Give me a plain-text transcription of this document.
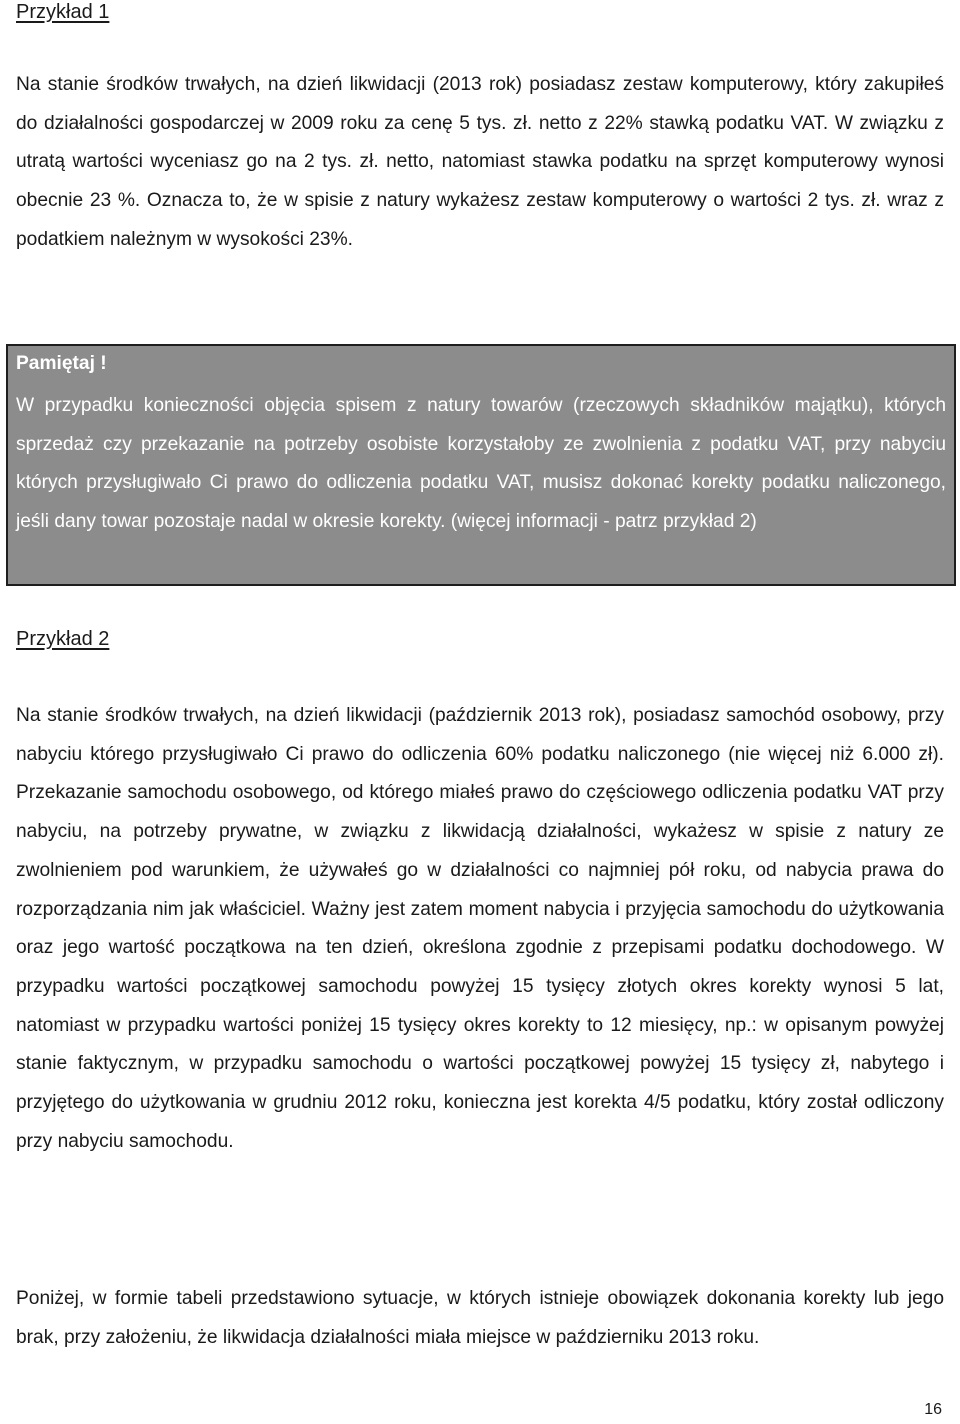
Przykład 1

Na stanie środków trwałych, na dzień likwidacji (2013 rok) posiadasz zestaw komputerowy, który zakupiłeś do działalności gospodarczej w 2009 roku za cenę 5 tys. zł. netto z 22% stawką podatku VAT. W związku z utratą wartości wyceniasz go na 2 tys. zł. netto, natomiast stawka podatku na sprzęt komputerowy wynosi obecnie 23 %. Oznacza to, że w spisie z natury wykażesz zestaw komputerowy o wartości 2 tys. zł. wraz z podatkiem należnym w wysokości 23%.

Pamiętaj !

W przypadku konieczności objęcia spisem z natury towarów (rzeczowych składników majątku), których sprzedaż czy przekazanie na potrzeby osobiste korzystałoby ze zwolnienia z podatku VAT, przy nabyciu których przysługiwało Ci prawo do odliczenia podatku VAT, musisz dokonać korekty podatku naliczonego, jeśli dany towar pozostaje nadal w okresie korekty. (więcej informacji - patrz przykład 2)

Przykład 2

Na stanie środków trwałych, na dzień likwidacji (październik 2013 rok), posiadasz samochód osobowy, przy nabyciu którego przysługiwało Ci prawo do odliczenia 60% podatku naliczonego (nie więcej niż 6.000 zł). Przekazanie samochodu osobowego, od którego miałeś prawo do częściowego odliczenia podatku VAT przy nabyciu, na potrzeby prywatne, w związku z likwidacją działalności, wykażesz w spisie z natury ze zwolnieniem pod warunkiem, że używałeś go w działalności co najmniej pół roku, od nabycia prawa do rozporządzania nim jak właściciel. Ważny jest zatem moment nabycia i przyjęcia samochodu do użytkowania oraz jego wartość początkowa na ten dzień, określona zgodnie z przepisami podatku dochodowego. W przypadku wartości początkowej samochodu powyżej 15 tysięcy złotych okres korekty wynosi 5 lat, natomiast w przypadku wartości poniżej 15 tysięcy okres korekty to 12 miesięcy, np.: w opisanym powyżej stanie faktycznym, w przypadku samochodu o wartości początkowej powyżej 15 tysięcy zł, nabytego i przyjętego do użytkowania w grudniu 2012 roku, konieczna jest korekta 4/5 podatku, który został odliczony przy nabyciu samochodu.

Poniżej, w formie tabeli przedstawiono sytuacje, w których istnieje obowiązek dokonania korekty lub jego brak, przy założeniu, że likwidacja działalności miała miejsce w październiku 2013 roku.

16
